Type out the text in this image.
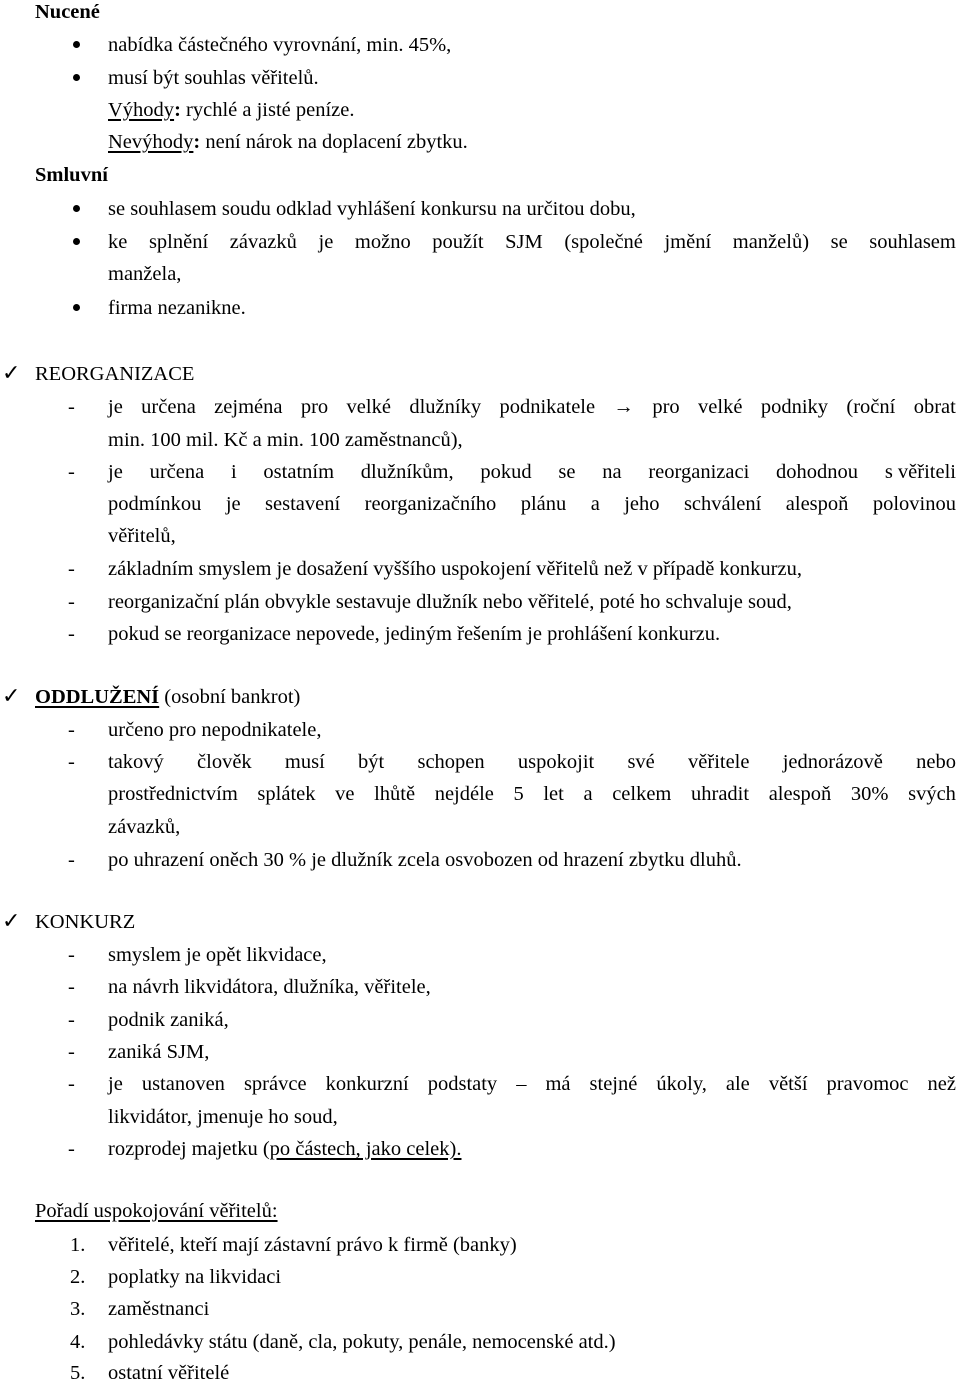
Nucené
nabídka částečného vyrovnání, min. 45%,
musí být souhlas věřitelů.
Výhody: rychlé a jisté peníze.
Nevýhody: není nárok na doplacení zbytku.
Smluvní
se souhlasem soudu odklad vyhlášení konkursu na určitou dobu,
ke splnění závazků je možno použít SJM (společné jmění manželů) se souhlasem
manžela,
firma nezanikne.
✓ REORGANIZACE
- je určena zejména pro velké dlužníky podnikatele → pro velké podniky (roční obrat
min. 100 mil. Kč a min. 100 zaměstnanců),
- je určena i ostatním dlužníkům, pokud se na reorganizaci dohodnou s věřiteli
podmínkou je sestavení reorganizačního plánu a jeho schválení alespoň polovinou
věřitelů,
- základním smyslem je dosažení vyššího uspokojení věřitelů než v případě konkurzu,
- reorganizační plán obvykle sestavuje dlužník nebo věřitelé, poté ho schvaluje soud,
- pokud se reorganizace nepovede, jediným řešením je prohlášení konkurzu.
✓ ODDLUŽENÍ (osobní bankrot)
- určeno pro nepodnikatele,
- takový člověk musí být schopen uspokojit své věřitele jednorázově nebo
prostřednictvím splátek ve lhůtě nejdéle 5 let a celkem uhradit alespoň 30% svých
závazků,
- po uhrazení oněch 30 % je dlužník zcela osvobozen od hrazení zbytku dluhů.
✓ KONKURZ
- smyslem je opět likvidace,
- na návrh likvidátora, dlužníka, věřitele,
- podnik zaniká,
- zaniká SJM,
- je ustanoven správce konkurzní podstaty – má stejné úkoly, ale větší pravomoc než
likvidátor, jmenuje ho soud,
- rozprodej majetku (po částech, jako celek).
Pořadí uspokojování věřitelů:
1. věřitelé, kteří mají zástavní právo k firmě (banky)
2. poplatky na likvidaci
3. zaměstnanci
4. pohledávky státu (daně, cla, pokuty, penále, nemocenské atd.)
5. ostatní věřitelé
